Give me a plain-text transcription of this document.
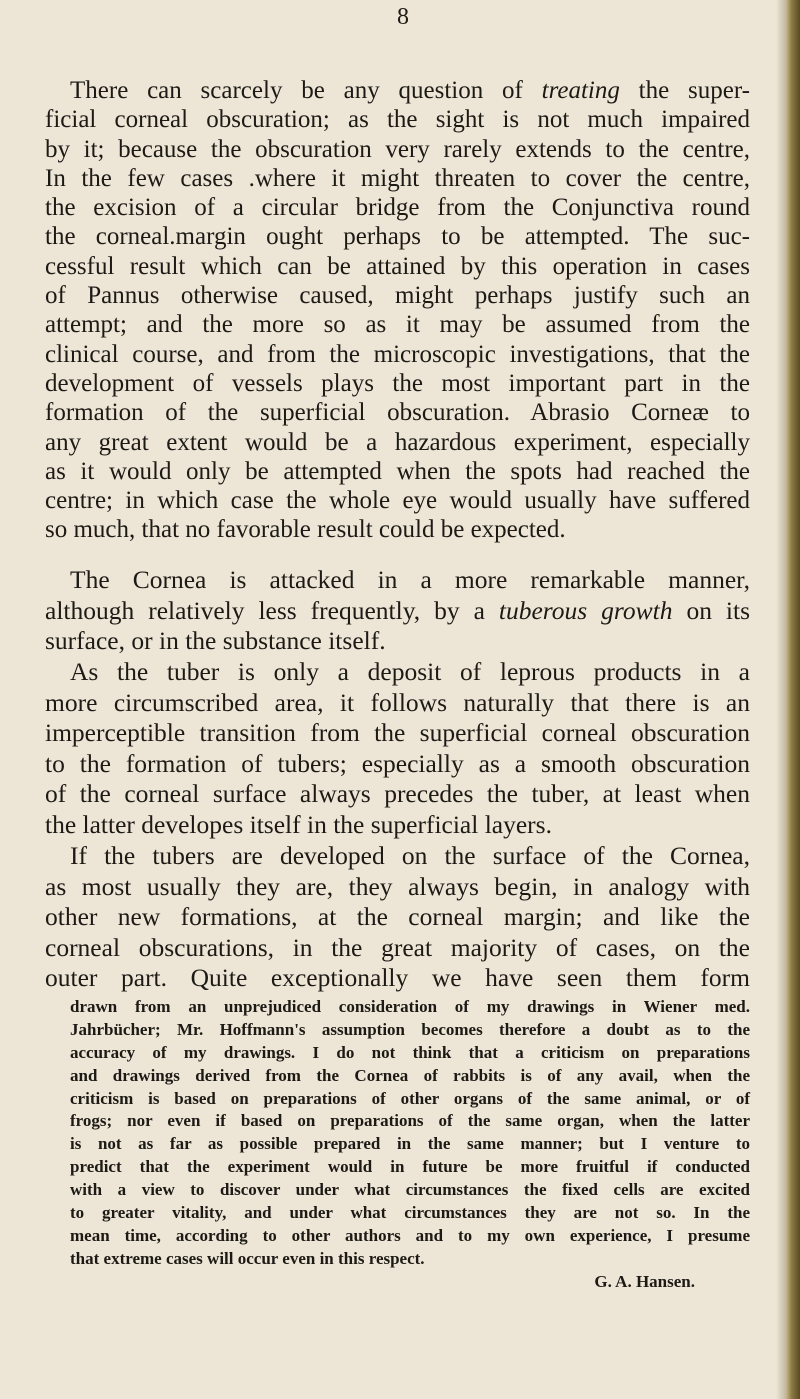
8
There can scarcely be any question of treating the super-
ficial corneal obscuration; as the sight is not much impaired
by it; because the obscuration very rarely extends to the centre,
In the few cases .where it might threaten to cover the centre,
the excision of a circular bridge from the Conjunctiva round
the corneal.margin ought perhaps to be attempted. The suc-
cessful result which can be attained by this operation in cases
of Pannus otherwise caused, might perhaps justify such an
attempt; and the more so as it may be assumed from the
clinical course, and from the microscopic investigations, that the
development of vessels plays the most important part in the
formation of the superficial obscuration. Abrasio Corneæ to
any great extent would be a hazardous experiment, especially
as it would only be attempted when the spots had reached the
centre; in which case the whole eye would usually have suffered
so much, that no favorable result could be expected.
The Cornea is attacked in a more remarkable manner,
although relatively less frequently, by a tuberous growth on its
surface, or in the substance itself.
As the tuber is only a deposit of leprous products in a
more circumscribed area, it follows naturally that there is an
imperceptible transition from the superficial corneal obscuration
to the formation of tubers; especially as a smooth obscuration
of the corneal surface always precedes the tuber, at least when
the latter developes itself in the superficial layers.
If the tubers are developed on the surface of the Cornea,
as most usually they are, they always begin, in analogy with
other new formations, at the corneal margin; and like the
corneal obscurations, in the great majority of cases, on the
outer part. Quite exceptionally we have seen them form
drawn from an unprejudiced consideration of my drawings in Wiener med.
Jahrbücher; Mr. Hoffmann's assumption becomes therefore a doubt as to the
accuracy of my drawings. I do not think that a criticism on preparations
and drawings derived from the Cornea of rabbits is of any avail, when the
criticism is based on preparations of other organs of the same animal, or of
frogs; nor even if based on preparations of the same organ, when the latter
is not as far as possible prepared in the same manner; but I venture to
predict that the experiment would in future be more fruitful if conducted
with a view to discover under what circumstances the fixed cells are excited
to greater vitality, and under what circumstances they are not so. In the
mean time, according to other authors and to my own experience, I presume
that extreme cases will occur even in this respect.
G. A. Hansen.
